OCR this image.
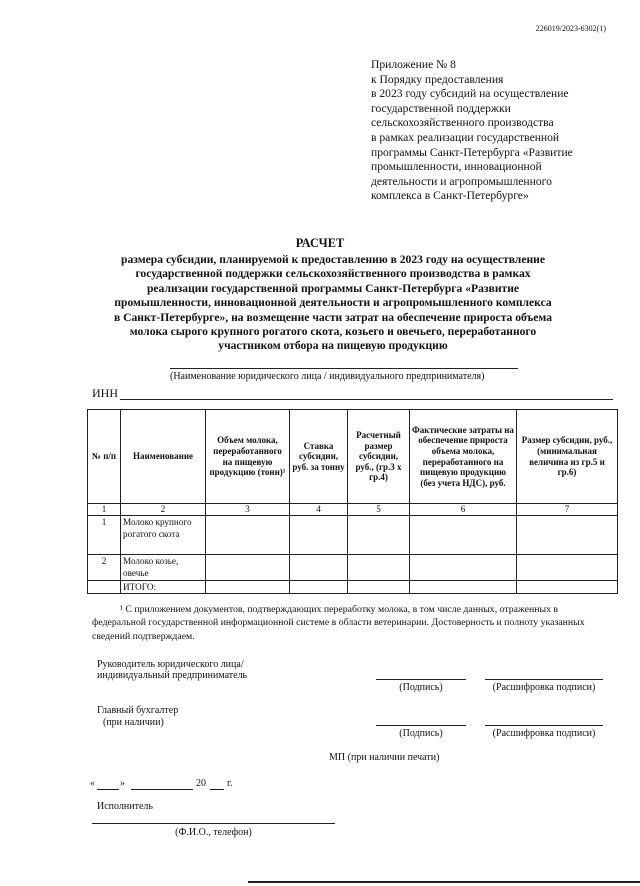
226019/2023-6302(1)
Приложение № 8
к Порядку предоставления
в 2023 году субсидий на осуществление
государственной поддержки
сельскохозяйственного производства
в рамках реализации государственной
программы Санкт-Петербурга «Развитие
промышленности, инновационной
деятельности и агропромышленного
комплекса в Санкт-Петербурге»
РАСЧЕТ
размера субсидии, планируемой к предоставлению в 2023 году на осуществление
государственной поддержки сельскохозяйственного производства в рамках
реализации государственной программы Санкт-Петербурга «Развитие
промышленности, инновационной деятельности и агропромышленного комплекса
в Санкт-Петербурге», на возмещение части затрат на обеспечение прироста объема
молока сырого крупного рогатого скота, козьего и овечьего, переработанного
участником отбора на пищевую продукцию
(Наименование юридического лица / индивидуального предпринимателя)
ИНН
№ п/п	Наименование	Объем молока, переработанного на пищевую продукцию (тонн)¹	Ставка субсидии, руб. за тонну	Расчетный размер субсидии, руб., (гр.3 х гр.4)	Фактические затраты на обеспечение прироста объема молока, переработанного на пищевую продукцию (без учета НДС), руб.	Размер субсидии, руб., (минимальная величина из гр.5 и гр.6)
1	2	3	4	5	6	7
1	Молоко крупного рогатого скота					
2	Молоко козье, овечье					
	ИТОГО:					

¹ С приложением документов, подтверждающих переработку молока, в том числе данных, отраженных в федеральной государственной информационной системе в области ветеринарии. Достоверность и полноту указанных сведений подтверждаем.

Руководитель юридического лица/
индивидуальный предприниматель
(Подпись)	(Расшифровка подписи)
Главный бухгалтер
(при наличии)
(Подпись)	(Расшифровка подписи)
МП (при наличии печати)
«	»	20 г.
Исполнитель
(Ф.И.О., телефон)
